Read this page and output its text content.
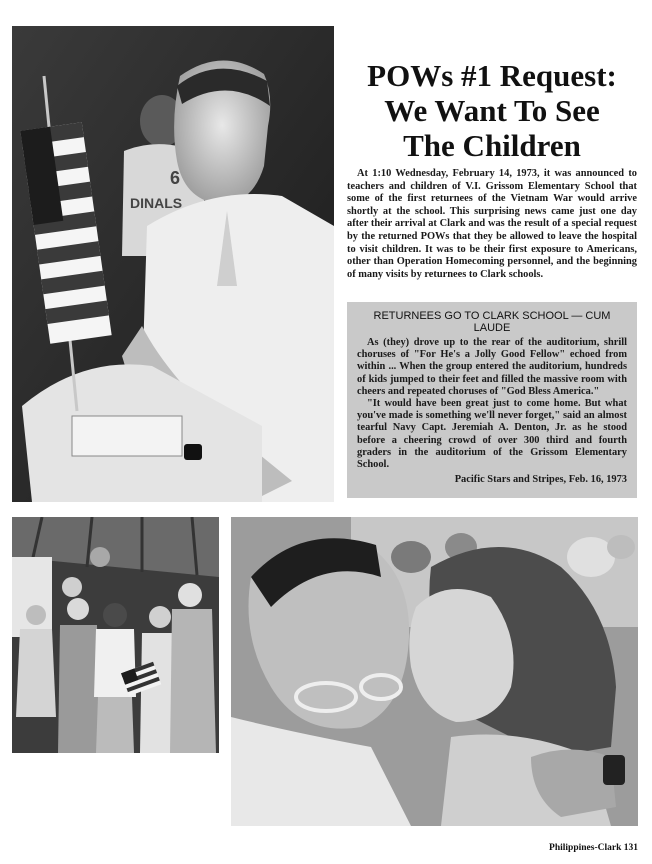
6
DINALS
POWs #1 Request:
We Want To See
The Children

At 1:10 Wednesday, February 14, 1973, it was announced to teachers and children of V.I. Grissom Elementary School that some of the first returnees of the Vietnam War would arrive shortly at the school. This surprising news came just one day after their arrival at Clark and was the result of a special request by the returned POWs that they be allowed to leave the hospital to visit children. It was to be their first exposure to Americans, other than Operation Homecoming personnel, and the beginning of many visits by returnees to Clark schools.

RETURNEES GO TO CLARK SCHOOL — CUM LAUDE

As (they) drove up to the rear of the auditorium, shrill choruses of "For He's a Jolly Good Fellow" echoed from within ... When the group entered the auditorium, hundreds of kids jumped to their feet and filled the massive room with cheers and repeated choruses of "God Bless America."

"It would have been great just to come home. But what you've made is something we'll never forget," said an almost tearful Navy Capt. Jeremiah A. Denton, Jr. as he stood before a cheering crowd of over 300 third and fourth graders in the auditorium of the Grissom Elementary School.

Pacific Stars and Stripes, Feb. 16, 1973

Philippines-Clark 131
